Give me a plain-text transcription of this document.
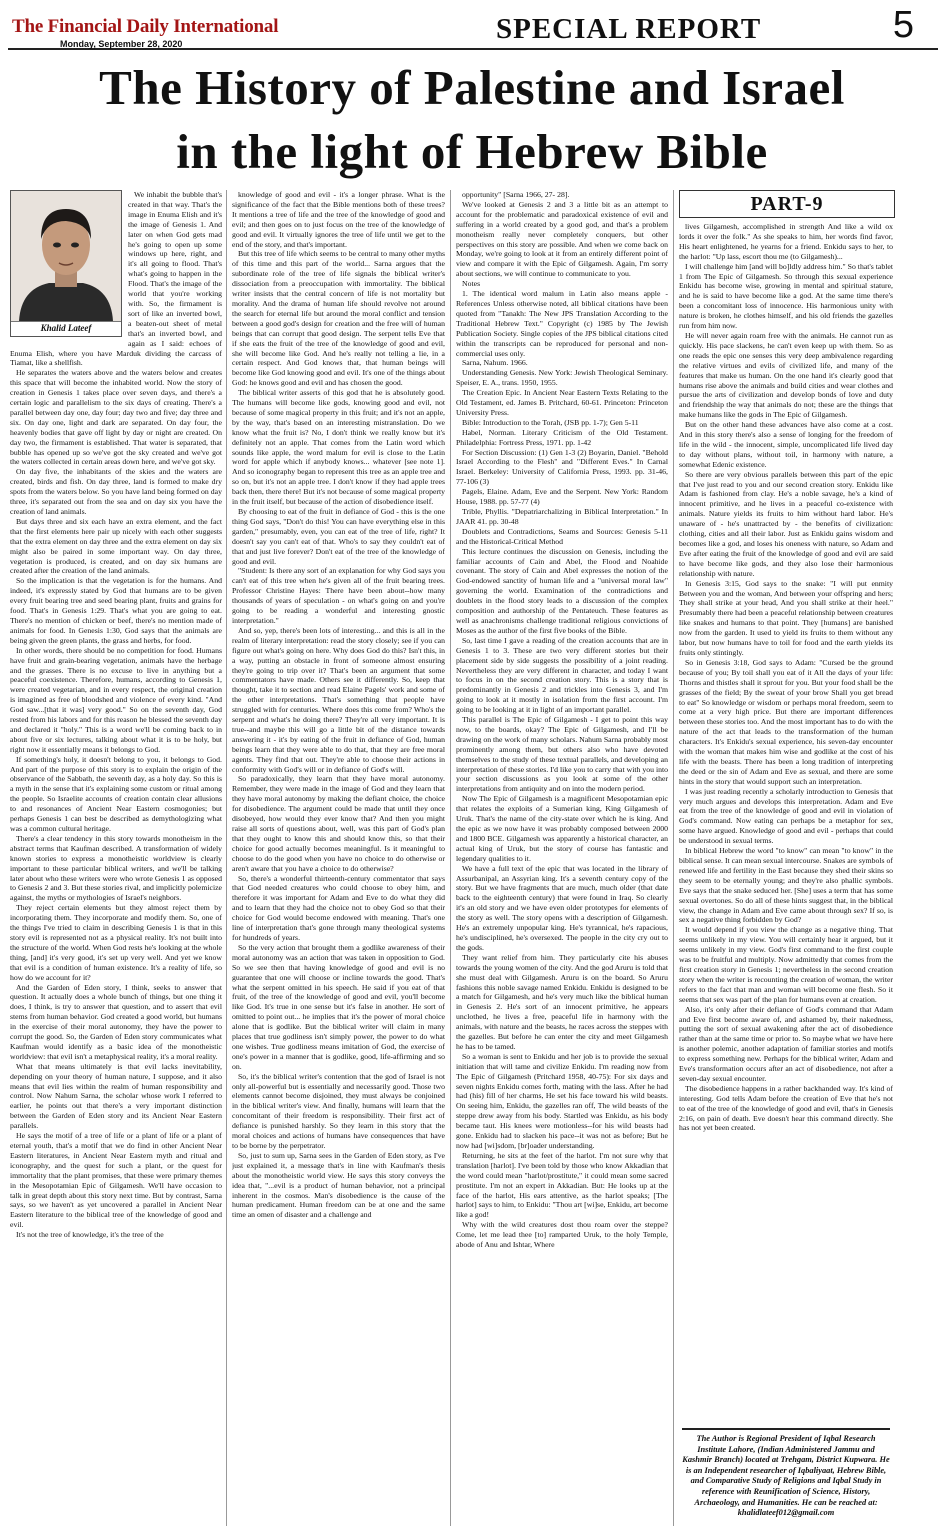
The Financial Daily International
Monday, September 28, 2020	SPECIAL REPORT	5
The History of Palestine and Israel
in the light of Hebrew Bible
Khalid Lateef

We inhabit the bubble that's created in that way. That's the image in Enuma Elish and it's the image of Genesis 1. And later on when God gets mad he's going to open up some windows up here, right, and it's all going to flood. That's what's going to happen in the Flood. That's the image of the world that you're working with. So, the firmament is sort of like an inverted bowl, a beaten-out sheet of metal that's an inverted bowl, and again as I said: echoes of Enuma Elish, where you have Marduk dividing the carcass of Tiamat, like a shellfish.

He separates the waters above and the waters below and creates this space that will become the inhabited world. Now the story of creation in Genesis 1 takes place over seven days, and there's a certain logic and parallelism to the six days of creating. There's a parallel between day one, day four; day two and five; day three and six. On day one, light and dark are separated. On day four, the heavenly bodies that gave off light by day or night are created. On day two, the firmament is established. That water is separated, that bubble has opened up so we've got the sky created and we've got the waters collected in certain areas down here, and we've got sky.

On day five, the inhabitants of the skies and the waters are created, birds and fish. On day three, land is formed to make dry spots from the waters below. So you have land being formed on day three, it's separated out from the sea and on day six you have the creation of land animals.

But days three and six each have an extra element, and the fact that the first elements here pair up nicely with each other suggests that the extra element on day three and the extra element on day six might also be paired in some important way. On day three, vegetation is produced, is created, and on day six humans are created after the creation of the land animals.

So the implication is that the vegetation is for the humans. And indeed, it's expressly stated by God that humans are to be given every fruit bearing tree and seed bearing plant, fruits and grains for food. That's in Genesis 1:29. That's what you are going to eat. There's no mention of chicken or beef, there's no mention made of animals for food. In Genesis 1:30, God says that the animals are being given the green plants, the grass and herbs, for food.

In other words, there should be no competition for food. Humans have fruit and grain-bearing vegetation, animals have the herbage and the grasses. There is no excuse to live in anything but a peaceful coexistence. Therefore, humans, according to Genesis 1, were created vegetarian, and in every respect, the original creation is imagined as free of bloodshed and violence of every kind. "And God saw...[that it was] very good." So on the seventh day, God rested from his labors and for this reason he blessed the seventh day and declared it "holy." This is a word we'll be coming back to in about five or six lectures, talking about what it is to be holy, but right now it essentially means it belongs to God.

If something's holy, it doesn't belong to you, it belongs to God. And part of the purpose of this story is to explain the origin of the observance of the Sabbath, the seventh day, as a holy day. So this is a myth in the sense that it's explaining some custom or ritual among the people. So Israelite accounts of creation contain clear allusions to and resonances of Ancient Near Eastern cosmogonies; but perhaps Genesis 1 can best be described as demythologizing what was a common cultural heritage.

There's a clear tendency in this story towards monotheism in the abstract terms that Kaufman described. A transformation of widely known stories to express a monotheistic worldview is clearly important to these particular biblical writers, and we'll be talking later about who these writers were who wrote Genesis 1 as opposed to Genesis 2 and 3. But these stories rival, and implicitly polemicize against, the myths or mythologies of Israel's neighbors.

They reject certain elements but they almost reject them by incorporating them. They incorporate and modify them. So, one of the things I've tried to claim in describing Genesis 1 is that in this story evil is represented not as a physical reality. It's not built into the structure of the world. When God rests he's looking at the whole thing, [and] it's very good, it's set up very well. And yet we know that evil is a condition of human existence. It's a reality of life, so how do we account for it?

And the Garden of Eden story, I think, seeks to answer that question. It actually does a whole bunch of things, but one thing it does, I think, is try to answer that question, and to assert that evil stems from human behavior. God created a good world, but humans in the exercise of their moral autonomy, they have the power to corrupt the good. So, the Garden of Eden story communicates what Kaufman would identify as a basic idea of the monotheistic worldview: that evil isn't a metaphysical reality, it's a moral reality.

What that means ultimately is that evil lacks inevitability, depending on your theory of human nature, I suppose, and it also means that evil lies within the realm of human responsibility and control. Now Nahum Sarna, the scholar whose work I referred to earlier, he points out that there's a very important distinction between the Garden of Eden story and its Ancient Near Eastern parallels.

He says the motif of a tree of life or a plant of life or a plant of eternal youth, that's a motif that we do find in other Ancient Near Eastern literatures, in Ancient Near Eastern myth and ritual and iconography, and the quest for such a plant, or the quest for immortality that the plant promises, that these were primary themes in the Mesopotamian Epic of Gilgamesh. We'll have occasion to talk in great depth about this story next time. But by contrast, Sarna says, so we haven't as yet uncovered a parallel in Ancient Near Eastern literature to the biblical tree of the knowledge of good and evil.

It's not the tree of knowledge, it's the tree of the

knowledge of good and evil - it's a longer phrase. What is the significance of the fact that the Bible mentions both of these trees? It mentions a tree of life and the tree of the knowledge of good and evil; and then goes on to just focus on the tree of the knowledge of good and evil. It virtually ignores the tree of life until we get to the end of the story, and that's important.

But this tree of life which seems to be central to many other myths of this time and this part of the world... Sarna argues that the subordinate role of the tree of life signals the biblical writer's dissociation from a preoccupation with immortality. The biblical writer insists that the central concern of life is not mortality but morality. And the drama of human life should revolve not around the search for eternal life but around the moral conflict and tension between a good god's design for creation and the free will of human beings that can corrupt that good design. The serpent tells Eve that if she eats the fruit of the tree of the knowledge of good and evil, she will become like God. And he's really not telling a lie, in a certain respect. And God knows that, that human beings will become like God knowing good and evil. It's one of the things about God: he knows good and evil and has chosen the good.

The biblical writer asserts of this god that he is absolutely good. The humans will become like gods, knowing good and evil, not because of some magical property in this fruit; and it's not an apple, by the way, that's based on an interesting mistranslation. Do we know what the fruit is? No, I don't think we really know but it's definitely not an apple. That comes from the Latin word which sounds like apple, the word malum for evil is close to the Latin word for apple which if anybody knows... whatever [see note 1]. And so iconography began to represent this tree as an apple tree and so on, but it's not an apple tree. I don't know if they had apple trees back then, there there! But it's not because of some magical property in the fruit itself, but because of the action of disobedience itself.

By choosing to eat of the fruit in defiance of God - this is the one thing God says, "Don't do this! You can have everything else in this garden," presumably, even, you can eat of the tree of life, right? It doesn't say you can't eat of that. Who's to say they couldn't eat of that and just live forever? Don't eat of the tree of the knowledge of good and evil.

"Student: Is there any sort of an explanation for why God says you can't eat of this tree when he's given all of the fruit bearing trees. Professor Christine Hayes: There have been about--how many thousands of years of speculation - on what's going on and you're going to be reading a wonderful and interesting gnostic interpretation."

And so, yep, there's been lots of interesting... and this is all in the realm of literary interpretation: read the story closely; see if you can figure out what's going on here. Why does God do this? Isn't this, in a way, putting an obstacle in front of someone almost ensuring they're going to trip over it? That's been an argument that some commentators have made. Others see it differently. So, keep that thought, take it to section and read Elaine Pagels' work and some of the other interpretations. That's something that people have struggled with for centuries. Where does this come from? Who's the serpent and what's he doing there? They're all very important. It is true--and maybe this will go a little bit of the distance towards answering it - it's by eating of the fruit in defiance of God, human beings learn that they were able to do that, that they are free moral agents. They find that out. They're able to choose their actions in conformity with God's will or in defiance of God's will.

So paradoxically, they learn that they have moral autonomy. Remember, they were made in the image of God and they learn that they have moral autonomy by making the defiant choice, the choice for disobedience. The argument could be made that until they once disobeyed, how would they ever know that? And then you might raise all sorts of questions about, well, was this part of God's plan that they ought to know this and should know this, so that their choice for good actually becomes meaningful. Is it meaningful to choose to do the good when you have no choice to do otherwise or aren't aware that you have a choice to do otherwise?

So, there's a wonderful thirteenth-century commentator that says that God needed creatures who could choose to obey him, and therefore it was important for Adam and Eve to do what they did and to learn that they had the choice not to obey God so that their choice for God would become endowed with meaning. That's one line of interpretation that's gone through many theological systems for hundreds of years.

So the very action that brought them a godlike awareness of their moral autonomy was an action that was taken in opposition to God. So we see then that having knowledge of good and evil is no guarantee that one will choose or incline towards the good. That's what the serpent omitted in his speech. He said if you eat of that fruit, of the tree of the knowledge of good and evil, you'll become like God. It's true in one sense but it's false in another. He sort of omitted to point out... he implies that it's the power of moral choice alone that is godlike. But the biblical writer will claim in many places that true godliness isn't simply power, the power to do what one wishes. True godliness means imitation of God, the exercise of one's power in a manner that is godlike, good, life-affirming and so on.

So, it's the biblical writer's contention that the god of Israel is not only all-powerful but is essentially and necessarily good. Those two elements cannot become disjoined, they must always be conjoined in the biblical writer's view. And finally, humans will learn that the concomitant of their freedom is responsibility. Their first act of defiance is punished harshly. So they learn in this story that the moral choices and actions of humans have consequences that have to be borne by the perpetrator.

So, just to sum up, Sarna sees in the Garden of Eden story, as I've just explained it, a message that's in line with Kaufman's thesis about the monotheistic world view. He says this story conveys the idea that, "...evil is a product of human behavior, not a principal inherent in the cosmos. Man's disobedience is the cause of the human predicament. Human freedom can be at one and the same time an omen of disaster and a challenge and

opportunity" [Sarna 1966, 27- 28].

We've looked at Genesis 2 and 3 a little bit as an attempt to account for the problematic and paradoxical existence of evil and suffering in a world created by a good god, and that's a problem monotheism really never completely conquers, but other perspectives on this story are possible. And when we come back on Monday, we're going to look at it from an entirely different point of view and compare it with the Epic of Gilgamesh. Again, I'm sorry about sections, we will continue to communicate to you.

Notes

1. The identical word malum in Latin also means apple - References Unless otherwise noted, all biblical citations have been quoted from "Tanakh: The New JPS Translation According to the Traditional Hebrew Text." Copyright (c) 1985 by The Jewish Publication Society. Single copies of the JPS biblical citations cited within the transcripts can be reproduced for personal and non-commercial uses only.

Sarna, Nahum. 1966.

Understanding Genesis. New York: Jewish Theological Seminary. Speiser, E. A., trans. 1950, 1955.

The Creation Epic. In Ancient Near Eastern Texts Relating to the Old Testament, ed. James B. Pritchard, 60-61. Princeton: Princeton University Press.

Bible: Introduction to the Torah, (JSB pp. 1-7); Gen 5-11

Habel, Norman. Literary Criticism of the Old Testament. Philadelphia: Fortress Press, 1971. pp. 1-42

For Section Discussion: (1) Gen 1-3 (2) Boyarin, Daniel. "Behold Israel According to the Flesh" and "Different Eves." In Carnal Israel. Berkeley: University of California Press, 1993. pp. 31-46, 77-106 (3)

Pagels, Elaine. Adam, Eve and the Serpent. New York: Random House, 1988. pp. 57-77 (4)

Trible, Phyllis. "Depatriarchalizing in Biblical Interpretation." In JAAR 41. pp. 30-48

Doublets and Contradictions, Seams and Sources: Genesis 5-11 and the Historical-Critical Method

This lecture continues the discussion on Genesis, including the familiar accounts of Cain and Abel, the Flood and Noahide covenant. The story of Cain and Abel expresses the notion of the God-endowed sanctity of human life and a "universal moral law" governing the world. Examination of the contradictions and doublets in the flood story leads to a discussion of the complex composition and authorship of the Pentateuch. These features as well as anachronisms challenge traditional religious convictions of Moses as the author of the first five books of the Bible.

So, last time I gave a reading of the creation accounts that are in Genesis 1 to 3. These are two very different stories but their placement side by side suggests the possibility of a joint reading. Nevertheless they are very different in character, and today I want to focus in on the second creation story. This is a story that is predominantly in Genesis 2 and trickles into Genesis 3, and I'm going to look at it mostly in isolation from the first account. I'm going to be looking at it in light of an important parallel.

This parallel is The Epic of Gilgamesh - I get to point this way now, to the boards, okay? The Epic of Gilgamesh, and I'll be drawing on the work of many scholars. Nahum Sarna probably most prominently among them, but others also who have devoted themselves to the study of these textual parallels, and developing an interpretation of these stories. I'd like you to carry that with you into your section discussions as you look at some of the other interpretations from antiquity and on into the modern period.

Now The Epic of Gilgamesh is a magnificent Mesopotamian epic that relates the exploits of a Sumerian king, King Gilgamesh of Uruk. That's the name of the city-state over which he is king. And the epic as we now have it was probably composed between 2000 and 1800 BCE. Gilgamesh was apparently a historical character, an actual king of Uruk, but the story of course has fantastic and legendary qualities to it.

We have a full text of the epic that was located in the library of Assurbanipal, an Assyrian king. It's a seventh century copy of the story. But we have fragments that are much, much older (that date back to the eighteenth century) that were found in Iraq. So clearly it's an old story and we have even older prototypes for elements of the story as well. The story opens with a description of Gilgamesh. He's an extremely unpopular king. He's tyrannical, he's rapacious, he's undisciplined, he's oversexed. The people in the city cry out to the gods.

They want relief from him. They particularly cite his abuses towards the young women of the city. And the god Aruru is told that she must deal with Gilgamesh. Aruru is on the board. So Aruru fashions this noble savage named Enkidu. Enkidu is designed to be a match for Gilgamesh, and he's very much like the biblical human in Genesis 2. He's sort of an innocent primitive, he appears unclothed, he lives a free, peaceful life in harmony with the animals, with nature and the beasts, he races across the steppes with the gazelles. But before he can enter the city and meet Gilgamesh he has to be tamed.

So a woman is sent to Enkidu and her job is to provide the sexual initiation that will tame and civilize Enkidu. I'm reading now from The Epic of Gilgamesh (Pritchard 1958, 40-75): For six days and seven nights Enkidu comes forth, mating with the lass. After he had had (his) fill of her charms, He set his face toward his wild beasts. On seeing him, Enkidu, the gazelles ran off, The wild beasts of the steppe drew away from his body. Startled was Enkidu, as his body became taut. His knees were motionless--for his wild beasts had gone. Enkidu had to slacken his pace--it was not as before; But he now had [wi]sdom, [br]oader understanding.

Returning, he sits at the feet of the harlot. I'm not sure why that translation [harlot]. I've been told by those who know Akkadian that the word could mean "harlot/prostitute," it could mean some sacred prostitute. I'm not an expert in Akkadian. But: He looks up at the face of the harlot, His ears attentive, as the harlot speaks; [The harlot] says to him, to Enkidu: "Thou art [wi]se, Enkidu, art become like a god!

Why with the wild creatures dost thou roam over the steppe? Come, let me lead thee [to] ramparted Uruk, to the holy Temple, abode of Anu and Ishtar, Where

PART-9

lives Gilgamesh, accomplished in strength And like a wild ox lords it over the folk." As she speaks to him, her words find favor, His heart enlightened, he yearns for a friend. Enkidu says to her, to the harlot: "Up lass, escort thou me (to Gilgamesh)...

I will challenge him [and will bo]ldly address him." So that's tablet 1 from The Epic of Gilgamesh. So through this sexual experience Enkidu has become wise, growing in mental and spiritual stature, and he is said to have become like a god. At the same time there's been a concomitant loss of innocence. His harmonious unity with nature is broken, he clothes himself, and his old friends the gazelles run from him now.

He will never again roam free with the animals. He cannot run as quickly. His pace slackens, he can't even keep up with them. So as one reads the epic one senses this very deep ambivalence regarding the relative virtues and evils of civilized life, and many of the features that make us human. On the one hand it's clearly good that humans rise above the animals and build cities and wear clothes and pursue the arts of civilization and develop bonds of love and duty and friendship the way that animals do not; these are the things that make humans like the gods in The Epic of Gilgamesh.

But on the other hand these advances have also come at a cost. And in this story there's also a sense of longing for the freedom of life in the wild - the innocent, simple, uncomplicated life lived day to day without plans, without toil, in harmony with nature, a somewhat Edenic existence.

So there are very obvious parallels between this part of the epic that I've just read to you and our second creation story. Enkidu like Adam is fashioned from clay. He's a noble savage, he's a kind of innocent primitive, and he lives in a peaceful co-existence with animals. Nature yields its fruits to him without hard labor. He's unaware of - he's unattracted by - the benefits of civilization: clothing, cities and all their labor. Just as Enkidu gains wisdom and becomes like a god, and loses his oneness with nature, so Adam and Eve after eating the fruit of the knowledge of good and evil are said to have become like gods, and they also lose their harmonious relationship with nature.

In Genesis 3:15, God says to the snake: "I will put enmity Between you and the woman, And between your offspring and hers; They shall strike at your head, And you shall strike at their heel." Presumably there had been a peaceful relationship between creatures like snakes and humans to that point. They [humans] are banished now from the garden. It used to yield its fruits to them without any labor, but now humans have to toil for food and the earth yields its fruits only stintingly.

So in Genesis 3:18, God says to Adam: "Cursed be the ground because of you; By toil shall you eat of it All the days of your life: Thorns and thistles shall it sprout for you. But your food shall be the grasses of the field; By the sweat of your brow Shall you get bread to eat" So knowledge or wisdom or perhaps moral freedom, seem to come at a very high price. But there are important differences between these stories too. And the most important has to do with the nature of the act that leads to the transformation of the human characters. It's Enkidu's sexual experience, his seven-day encounter with the woman that makes him wise and godlike at the cost of his life with the beasts. There has been a long tradition of interpreting the deed or the sin of Adam and Eve as sexual, and there are some hints in the story that would support such an interpretation.

I was just reading recently a scholarly introduction to Genesis that very much argues and develops this interpretation. Adam and Eve eat from the tree of the knowledge of good and evil in violation of God's command. Now eating can perhaps be a metaphor for sex, some have argued. Knowledge of good and evil - perhaps that could be understood in sexual terms.

In biblical Hebrew the word "to know" can mean "to know" in the biblical sense. It can mean sexual intercourse. Snakes are symbols of renewed life and fertility in the East because they shed their skins so they seem to be eternally young; and they're also phallic symbols. Eve says that the snake seduced her. [She] uses a term that has some sexual overtones. So do all of these hints suggest that, in the biblical view, the change in Adam and Eve came about through sex? If so, is sex a negative thing forbidden by God?

It would depend if you view the change as a negative thing. That seems unlikely in my view. You will certainly hear it argued, but it seems unlikely in my view. God's first command to the first couple was to be fruitful and multiply. Now admittedly that comes from the first creation story in Genesis 1; nevertheless in the second creation story when the writer is recounting the creation of woman, the writer refers to the fact that man and woman will become one flesh. So it seems that sex was part of the plan for humans even at creation.

Also, it's only after their defiance of God's command that Adam and Eve first become aware of, and ashamed by, their nakedness, putting the sort of sexual awakening after the act of disobedience rather than at the same time or prior to. So maybe what we have here is another polemic, another adaptation of familiar stories and motifs to express something new. Perhaps for the biblical writer, Adam and Eve's transformation occurs after an act of disobedience, not after a seven-day sexual encounter.

The disobedience happens in a rather backhanded way. It's kind of interesting. God tells Adam before the creation of Eve that he's not to eat of the tree of the knowledge of good and evil, that's in Genesis 2:16, on pain of death. Eve doesn't hear this command directly. She has not yet been created.

The Author is Regional President of Iqbal Research Institute Lahore, (Indian Administered Jammu and Kashmir Branch) located at Trehgam, District Kupwara. He is an Independent researcher of Iqbaliyaat, Hebrew Bible, and Comparative Study of Religions and Iqbal Study in reference with Reunification of Science, History, Archaeology, and Humanities. He can be reached at: khalidlateef012@gmail.com
